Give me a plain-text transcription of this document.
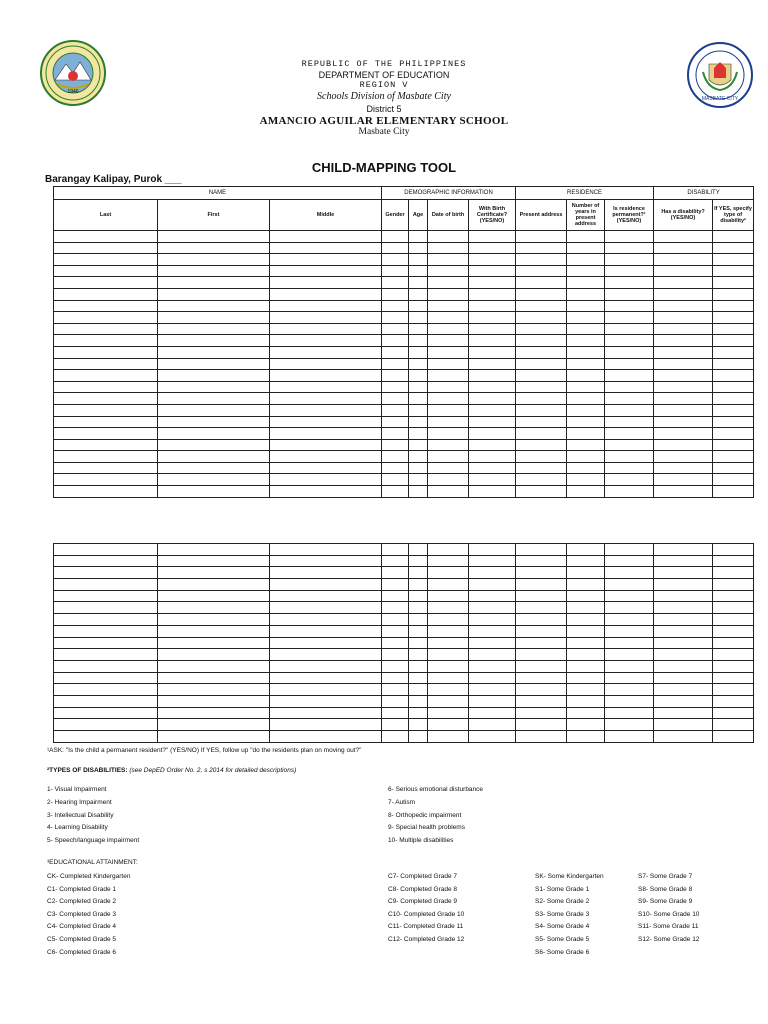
1946
MASBATE CITY
REPUBLIC OF THE PHILIPPINES
DEPARTMENT OF EDUCATION
REGION V
Schools Division of Masbate City
District 5
AMANCIO AGUILAR ELEMENTARY SCHOOL
Masbate City
CHILD-MAPPING TOOL
Barangay Kalipay, Purok ___
NAME			DEMOGRAPHIC INFORMATION				RESIDENCE			DISABILITY	
Last	First	Middle	Gender	Age	Date of birth	With Birth Certificate? (YES/NO)	Present address	Number of years in present address	Is residence permanent?¹ (YES/NO)	Has a disability? (YES/NO)	If YES, specify type of disability²

¹ASK: "Is the child a permanent resident?" (YES/NO) If YES, follow up "do the residents plan on moving out?"
²TYPES OF DISABILITIES: (see DepED Order No. 2, s 2014 for detailed descriptions)
1- Visual Impairment
2- Hearing Impairment
3- Intellectual Disability
4- Learning Disability
5- Speech/language impairment
6- Serious emotional disturbance
7- Autism
8- Orthopedic impairment
9- Special health problems
10- Multiple disabilities
³EDUCATIONAL ATTAINMENT:
CK- Completed Kindergarten
C1- Completed Grade 1
C2- Completed Grade 2
C3- Completed Grade 3
C4- Completed Grade 4
C5- Completed Grade 5
C6- Completed Grade 6
C7- Completed Grade 7
C8- Completed Grade 8
C9- Completed Grade 9
C10- Completed Grade 10
C11- Completed Grade 11
C12- Completed Grade 12
SK- Some Kindergarten
S1- Some Grade 1
S2- Some Grade 2
S3- Some Grade 3
S4- Some Grade 4
S5- Some Grade 5
S6- Some Grade 6
S7- Some Grade 7
S8- Some Grade 8
S9- Some Grade 9
S10- Some Grade 10
S11- Some Grade 11
S12- Some Grade 12
